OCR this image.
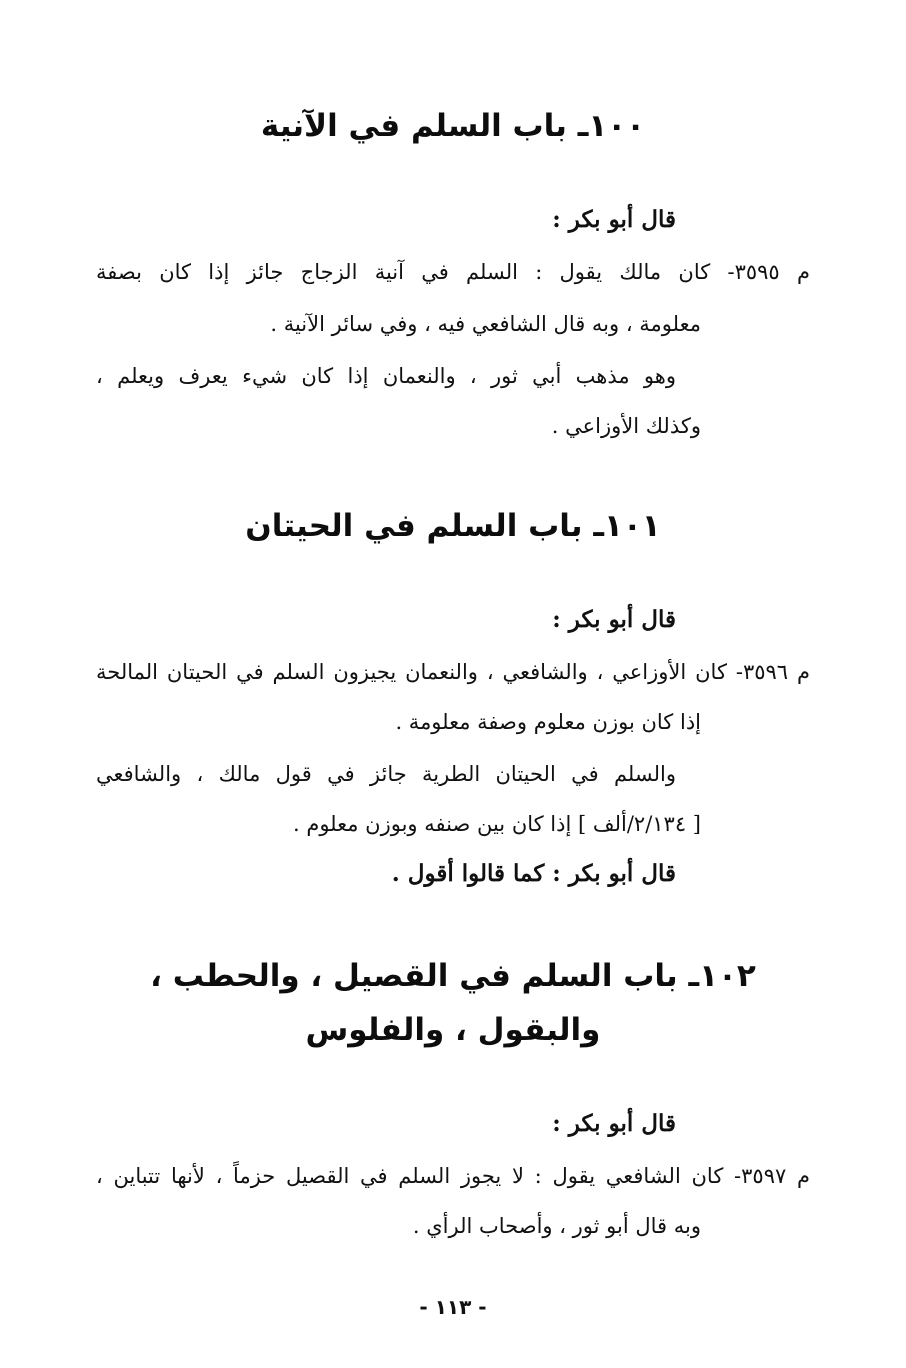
١٠٠ـ باب السلم في الآنية

قال أبو بكر :

م ٣٥٩٥- كان مالك يقول : السلم في آنية الزجاج جائز إذا كان بصفة

معلومة ، وبه قال الشافعي فيه ، وفي سائر الآنية .

وهو مذهب أبي ثور ، والنعمان إذا كان شيء يعرف ويعلم ،

وكذلك الأوزاعي .

١٠١ـ باب السلم في الحيتان

قال أبو بكر :

م ٣٥٩٦- كان الأوزاعي ، والشافعي ، والنعمان يجيزون السلم في الحيتان المالحة

إذا كان بوزن معلوم وصفة معلومة .

والسلم في الحيتان الطرية جائز في قول مالك ، والشافعي

[ ٢/١٣٤/ألف ] إذا كان بين صنفه وبوزن معلوم .

قال أبو بكر : كما قالوا أقول .

١٠٢ـ باب السلم في القصيل ، والحطب ،
والبقول ، والفلوس

قال أبو بكر :

م ٣٥٩٧- كان الشافعي يقول : لا يجوز السلم في القصيل حزماً ، لأنها تتباين ،

وبه قال أبو ثور ، وأصحاب الرأي .

- ١١٣ -
